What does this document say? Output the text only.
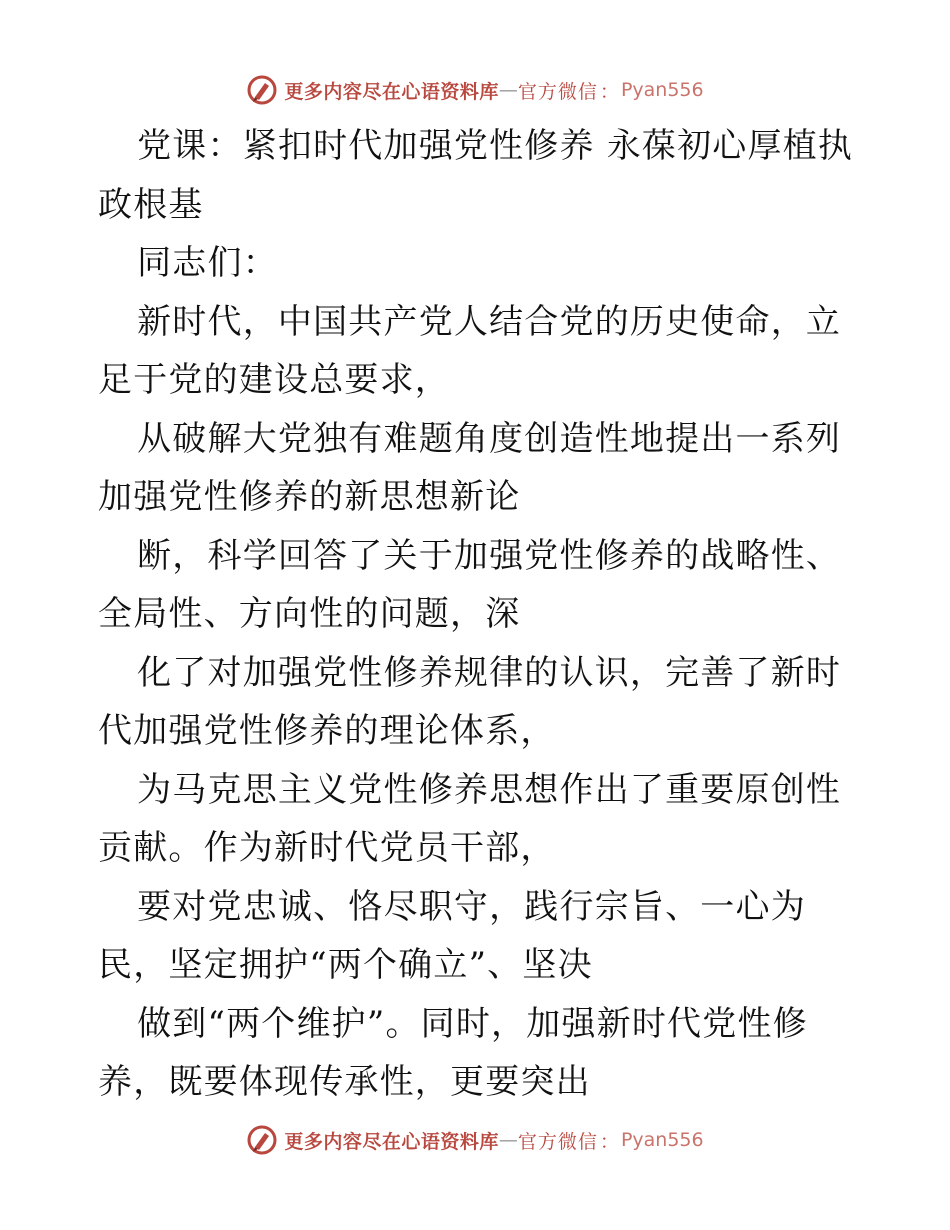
更多内容尽在心语资料库 — 官方微信 ： Pyan556

党课：紧扣时代加强党性修养 永葆初心厚植执政根基

同志们：

新时代，中国共产党人结合党的历史使命，立足于党的建设总要求，

从破解大党独有难题角度创造性地提出一系列加强党性修养的新思想新论

断，科学回答了关于加强党性修养的战略性、全局性、方向性的问题，深

化了对加强党性修养规律的认识，完善了新时代加强党性修养的理论体系，

为马克思主义党性修养思想作出了重要原创性贡献。作为新时代党员干部，

要对党忠诚、恪尽职守，践行宗旨、一心为民，坚定拥护“两个确立”、坚决

做到“两个维护”。同时，加强新时代党性修养，既要体现传承性，更要突出

更多内容尽在心语资料库 — 官方微信 ： Pyan556
